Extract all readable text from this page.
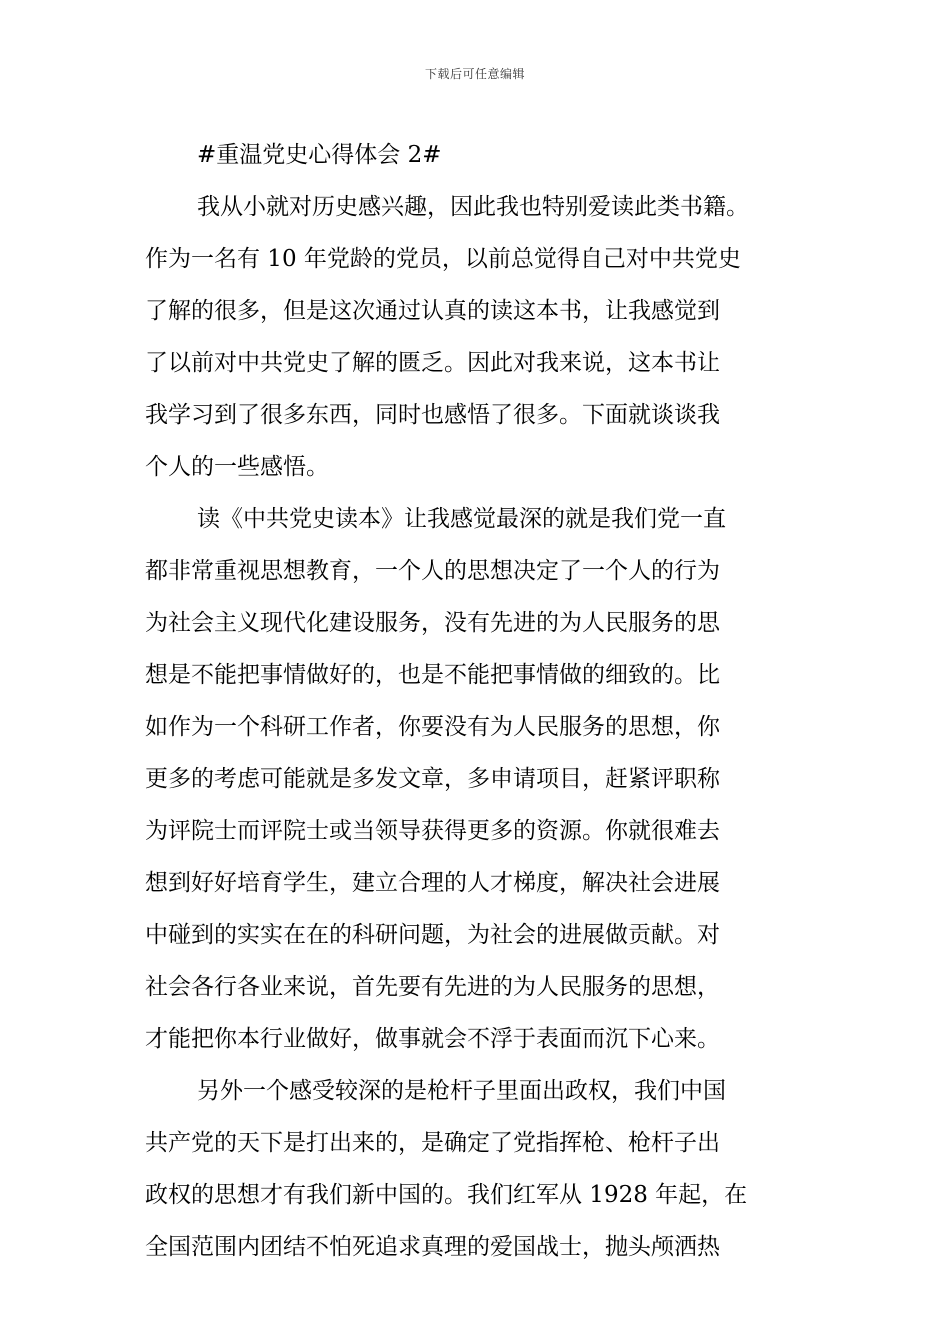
下载后可任意编辑
#重温党史心得体会 2#

我从小就对历史感兴趣，因此我也特别爱读此类书籍。
作为一名有 10 年党龄的党员，以前总觉得自己对中共党史
了解的很多，但是这次通过认真的读这本书，让我感觉到
了以前对中共党史了解的匮乏。因此对我来说，这本书让
我学习到了很多东西，同时也感悟了很多。下面就谈谈我
个人的一些感悟。

读《中共党史读本》让我感觉最深的就是我们党一直
都非常重视思想教育，一个人的思想决定了一个人的行为
为社会主义现代化建设服务，没有先进的为人民服务的思
想是不能把事情做好的，也是不能把事情做的细致的。比
如作为一个科研工作者，你要没有为人民服务的思想，你
更多的考虑可能就是多发文章，多申请项目，赶紧评职称
为评院士而评院士或当领导获得更多的资源。你就很难去
想到好好培育学生，建立合理的人才梯度，解决社会进展
中碰到的实实在在的科研问题，为社会的进展做贡献。对
社会各行各业来说，首先要有先进的为人民服务的思想，
才能把你本行业做好，做事就会不浮于表面而沉下心来。

另外一个感受较深的是枪杆子里面出政权，我们中国
共产党的天下是打出来的，是确定了党指挥枪、枪杆子出
政权的思想才有我们新中国的。我们红军从 1928 年起，在
全国范围内团结不怕死追求真理的爱国战士，抛头颅洒热
